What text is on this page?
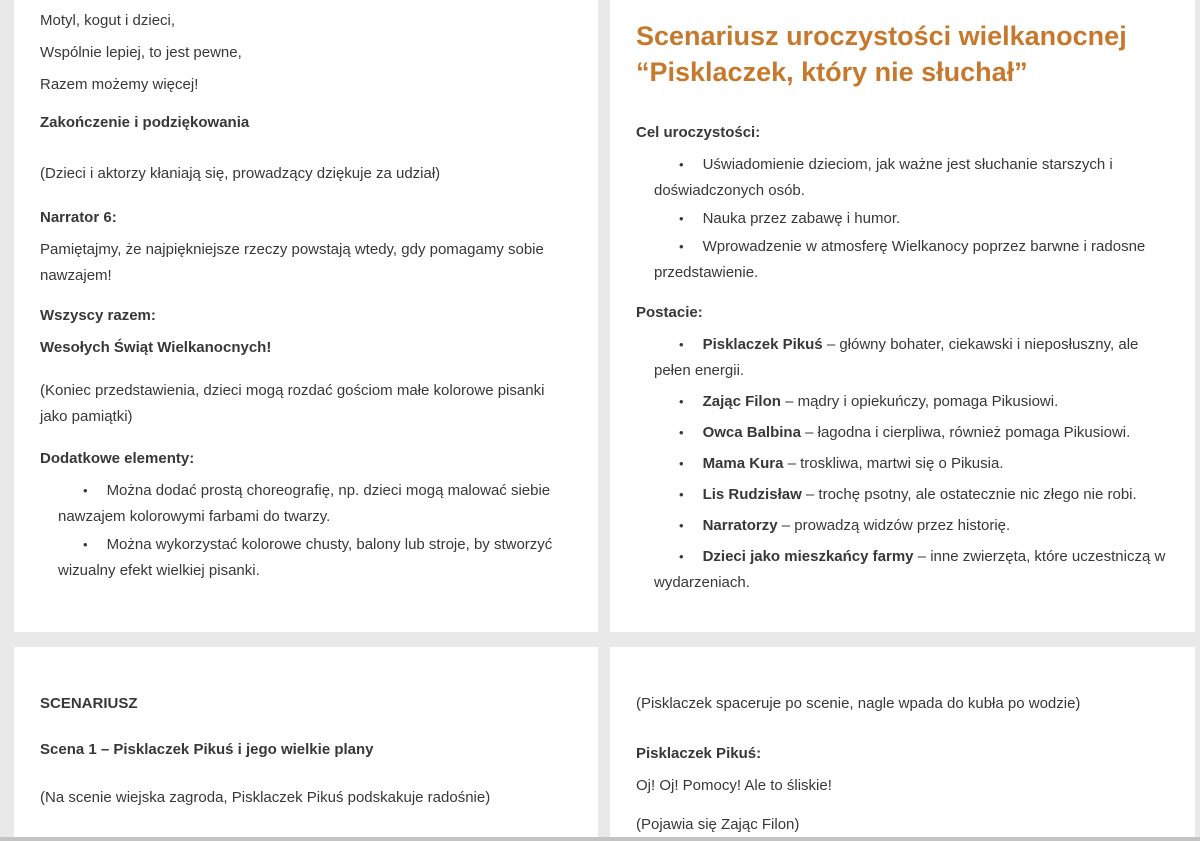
Motyl, kogut i dzieci,

Wspólnie lepiej, to jest pewne,

Razem możemy więcej!

Zakończenie i podziękowania

(Dzieci i aktorzy kłaniają się, prowadzący dziękuje za udział)

Narrator 6:

Pamiętajmy, że najpiękniejsze rzeczy powstają wtedy, gdy pomagamy sobie nawzajem!

Wszyscy razem:

Wesołych Świąt Wielkanocnych!

(Koniec przedstawienia, dzieci mogą rozdać gościom małe kolorowe pisanki jako pamiątki)

Dodatkowe elementy:

• Można dodać prostą choreografię, np. dzieci mogą malować siebie nawzajem kolorowymi farbami do twarzy.

• Można wykorzystać kolorowe chusty, balony lub stroje, by stworzyć wizualny efekt wielkiej pisanki.

Scenariusz uroczystości wielkanocnej “Pisklaczek, który nie słuchał”

Cel uroczystości:

• Uświadomienie dzieciom, jak ważne jest słuchanie starszych i doświadczonych osób.

• Nauka przez zabawę i humor.

• Wprowadzenie w atmosferę Wielkanocy poprzez barwne i radosne przedstawienie.

Postacie:

• Pisklaczek Pikuś – główny bohater, ciekawski i nieposłuszny, ale pełen energii.

• Zając Filon – mądry i opiekuńczy, pomaga Pikusiowi.

• Owca Balbina – łagodna i cierpliwa, również pomaga Pikusiowi.

• Mama Kura – troskliwa, martwi się o Pikusia.

• Lis Rudzisław – trochę psotny, ale ostatecznie nic złego nie robi.

• Narratorzy – prowadzą widzów przez historię.

• Dzieci jako mieszkańcy farmy – inne zwierzęta, które uczestniczą w wydarzeniach.

SCENARIUSZ

Scena 1 – Pisklaczek Pikuś i jego wielkie plany

(Na scenie wiejska zagroda, Pisklaczek Pikuś podskakuje radośnie)

(Pisklaczek spaceruje po scenie, nagle wpada do kubła po wodzie)

Pisklaczek Pikuś:

Oj! Oj! Pomocy! Ale to śliskie!

(Pojawia się Zając Filon)
